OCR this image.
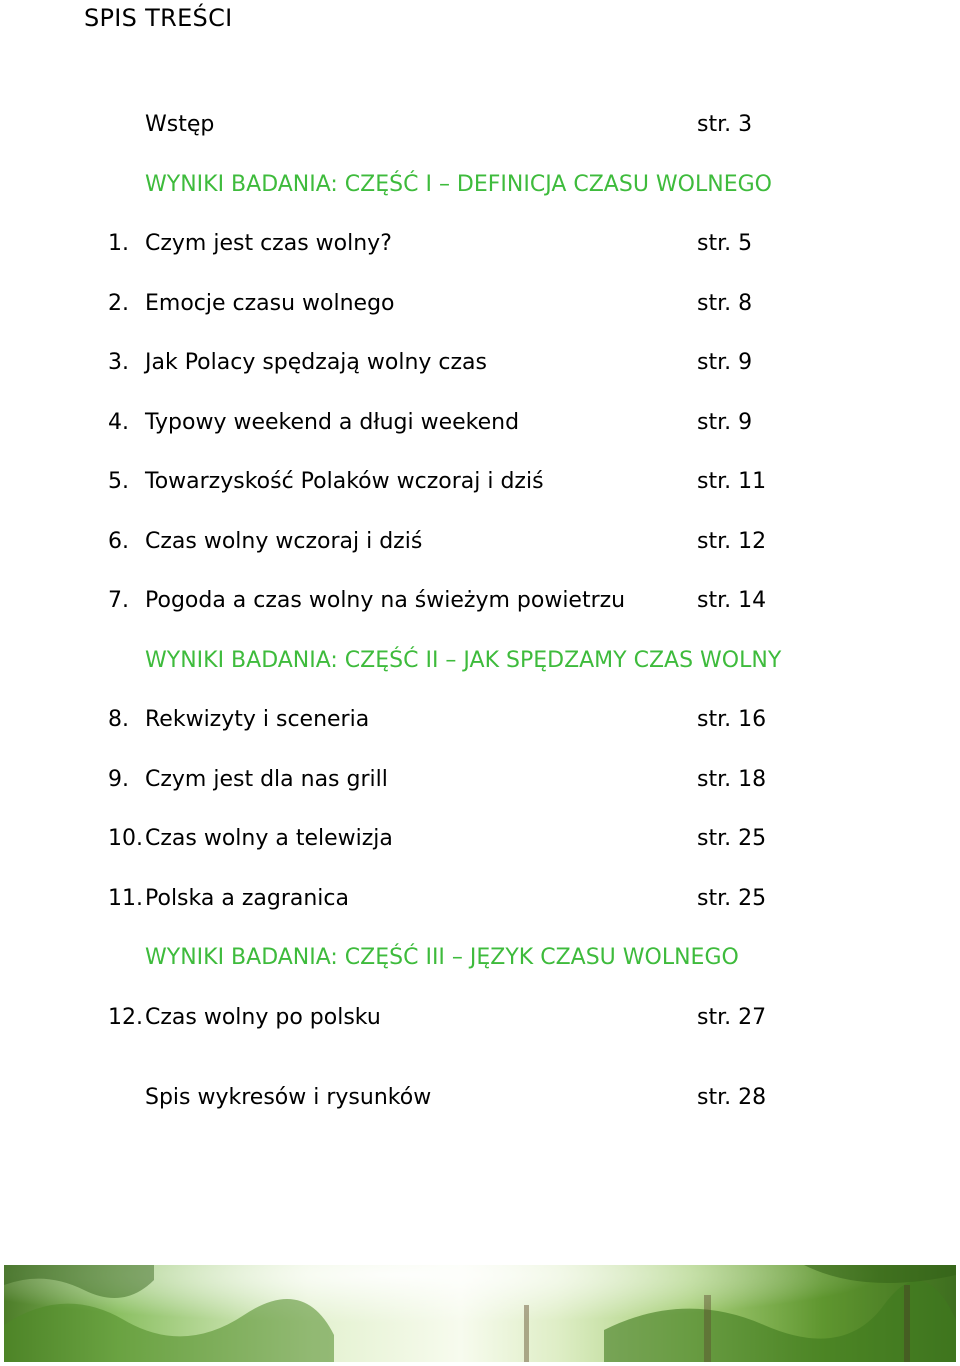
SPIS TREŚCI
Wstęp	str. 3
WYNIKI BADANIA: CZĘŚĆ I – DEFINICJA CZASU WOLNEGO
1. Czym jest czas wolny?	str. 5
2. Emocje czasu wolnego	str. 8
3. Jak Polacy spędzają wolny czas	str. 9
4. Typowy weekend a długi weekend	str. 9
5. Towarzyskość Polaków wczoraj i dziś	str. 11
6. Czas wolny wczoraj i dziś	str. 12
7. Pogoda a czas wolny na świeżym powietrzu	str. 14
WYNIKI BADANIA: CZĘŚĆ II – JAK SPĘDZAMY CZAS WOLNY
8. Rekwizyty i sceneria	str. 16
9. Czym jest dla nas grill	str. 18
10. Czas wolny a telewizja	str. 25
11. Polska a zagranica	str. 25
WYNIKI BADANIA: CZĘŚĆ III – JĘZYK CZASU WOLNEGO
12. Czas wolny po polsku	str. 27
Spis wykresów i rysunków	str. 28
